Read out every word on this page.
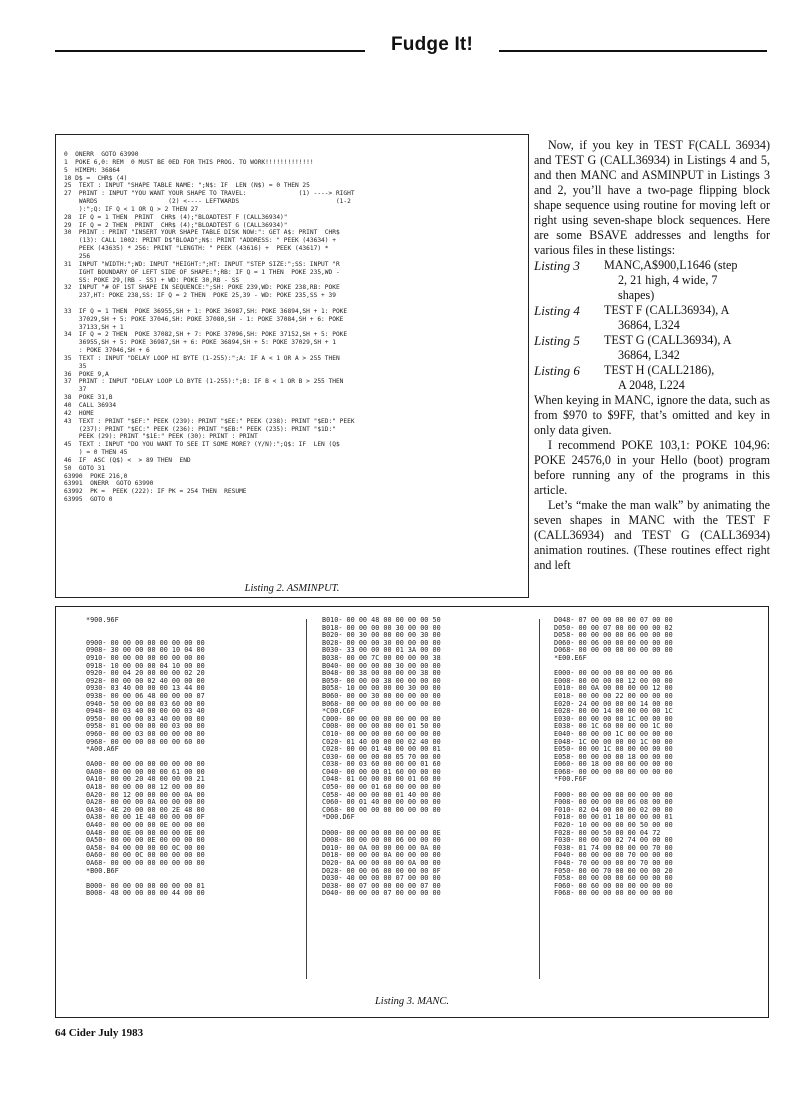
Fudge It!
0  ONERR  GOTO 63990
1  POKE 6,0: REM  0 MUST BE 0ED FOR THIS PROG. TO WORK!!!!!!!!!!!!!
5  HIMEM: 36864
10 D$ =  CHR$ (4)
25  TEXT : INPUT "SHAPE TABLE NAME: ";N$: IF  LEN (N$) = 0 THEN 25
27  PRINT : INPUT "YOU WANT YOUR SHAPE TO TRAVEL:              (1) ----> RIGHT
WARDS                   (2) <---- LEFTWARDS                          (1-2
):";Q: IF Q < 1 OR Q > 2 THEN 27
28  IF Q = 1 THEN  PRINT  CHR$ (4);"BLOADTEST F (CALL36934)"
29  IF Q = 2 THEN  PRINT  CHR$ (4);"BLOADTEST G (CALL36934)"
30  PRINT : PRINT "INSERT YOUR SHAPE TABLE DISK NOW:": GET A$: PRINT  CHR$
(13): CALL 1002: PRINT D$"BLOAD";N$: PRINT "ADDRESS: " PEEK (43634) +
PEEK (43635) * 256: PRINT "LENGTH: " PEEK (43616) +  PEEK (43617) *
256
31  INPUT "WIDTH:";WD: INPUT "HEIGHT:";HT: INPUT "STEP SIZE:";SS: INPUT "R
IGHT BOUNDARY OF LEFT SIDE OF SHAPE:";RB: IF Q = 1 THEN  POKE 235,WD -
SS: POKE 29,(RB - SS) + WD: POKE 30,RB - SS
32  INPUT "# OF 1ST SHAPE IN SEQUENCE:";SH: POKE 239,WD: POKE 238,RB: POKE
237,HT: POKE 238,SS: IF Q = 2 THEN  POKE 25,39 - WD: POKE 235,SS + 39

33  IF Q = 1 THEN  POKE 36955,SH + 1: POKE 36987,SH: POKE 36894,SH + 1: POKE
37029,SH + 5: POKE 37046,SH: POKE 37080,SH - 1: POKE 37084,SH + 6: POKE
37133,SH + 1
34  IF Q = 2 THEN  POKE 37082,SH + 7: POKE 37096,SH: POKE 37152,SH + 5: POKE
36955,SH + 5: POKE 36987,SH + 6: POKE 36894,SH + 5: POKE 37029,SH + 1
: POKE 37046,SH + 6
35  TEXT : INPUT "DELAY LOOP HI BYTE (1-255):";A: IF A < 1 OR A > 255 THEN
35
36  POKE 9,A
37  PRINT : INPUT "DELAY LOOP LO BYTE (1-255):";B: IF B < 1 OR B > 255 THEN
37
38  POKE 31,B
40  CALL 36934
42  HOME
43  TEXT : PRINT "$EF:" PEEK (239): PRINT "$EE:" PEEK (238): PRINT "$ED:" PEEK
(237): PRINT "$EC:" PEEK (236): PRINT "$EB:" PEEK (235): PRINT "$1D:"
PEEK (29): PRINT "$1E:" PEEK (30): PRINT : PRINT
45  TEXT : INPUT "DO YOU WANT TO SEE IT SOME MORE? (Y/N):";Q$: IF  LEN (Q$
) = 0 THEN 45
46  IF  ASC (Q$) <  > 89 THEN  END
50  GOTO 31
63990  POKE 216,0
63991  ONERR  GOTO 63990
63992  PK =  PEEK (222): IF PK = 254 THEN  RESUME
63995  GOTO 0
Listing 2. ASMINPUT.

Now, if you key in TEST F(CALL 36934) and TEST G (CALL36934) in Listings 4 and 5, and then MANC and ASMINPUT in Listings 3 and 2, you’ll have a two-page flipping block shape sequence using routine for moving left or right using seven-shape block sequences. Here are some BSAVE addresses and lengths for various files in these listings:

Listing 3	MANC,A$900,L1646 (step
2, 21 high, 4 wide, 7
shapes)
Listing 4	TEST F (CALL36934), A
36864, L324
Listing 5	TEST G (CALL36934), A
36864, L342
Listing 6	TEST H (CALL2186),
A 2048, L224

When keying in MANC, ignore the data, such as from $970 to $9FF, that’s omitted and key in only data given.

I recommend POKE 103,1: POKE 104,96: POKE 24576,0 in your Hello (boot) program before running any of the programs in this article.

Let’s “make the man walk” by animating the seven shapes in MANC with the TEST F (CALL36934) and TEST G (CALL36934) animation routines. (These routines effect right and left

*900.96F

0900- 00 00 00 00 00 00 00 00
0908- 30 00 00 00 00 10 04 00
0910- 00 00 00 00 00 00 00 00
0918- 10 00 00 00 04 10 00 00
0920- 00 04 20 00 00 00 02 20
0928- 00 00 00 02 40 00 00 00
0930- 03 40 00 00 00 13 44 00
0938- 00 00 06 48 00 00 00 07
0940- 50 00 00 00 03 60 00 00
0948- 00 03 40 00 00 00 03 40
0950- 00 00 00 03 40 00 00 00
0958- 01 00 00 00 00 03 00 00
0960- 00 00 03 00 00 00 00 00
0968- 00 00 00 00 00 00 60 00
*A00.A6F

0A00- 00 00 00 00 00 00 00 00
0A08- 00 00 00 00 00 61 00 00
0A10- 00 00 20 40 00 00 00 21
0A18- 00 00 00 00 12 00 00 00
0A20- 00 12 00 00 00 00 0A 00
0A28- 00 00 00 0A 00 00 00 00
0A30- 4E 20 00 00 00 2E 48 00
0A38- 00 00 1E 40 00 00 00 0F
0A40- 00 00 00 00 0E 00 00 00
0A48- 00 0E 00 00 00 00 0E 00
0A50- 00 00 00 0E 00 00 00 00
0A58- 04 00 00 00 00 0C 00 00
0A60- 00 00 0C 00 00 00 00 00
0A68- 00 00 00 00 00 00 00 00
*B00.B6F

B000- 00 00 00 00 00 00 00 01
B008- 48 00 00 00 00 44 00 00
B010- 00 00 48 00 00 00 00 50
B018- 00 00 00 00 30 00 00 00
B020- 00 30 00 00 00 00 30 00
B028- 00 00 00 30 00 00 00 00
B030- 33 00 00 00 01 3A 00 00
B038- 00 00 7C 00 00 00 00 38
B040- 00 00 00 00 30 00 00 00
B048- 00 38 00 00 00 00 38 00
B050- 00 00 00 38 00 00 00 00
B058- 10 00 00 00 00 30 00 00
B060- 00 00 30 00 00 00 00 00
B068- 00 00 00 00 00 00 00 00
*C00.C6F
C000- 00 00 00 00 00 00 00 00
C008- 00 00 00 00 00 01 50 00
C010- 00 00 00 00 60 00 00 00
C020- 01 40 00 00 00 02 40 00
C028- 00 00 01 40 00 00 00 01
C030- 60 00 00 00 05 70 00 00
C038- 00 03 60 00 00 00 01 60
C040- 00 00 00 01 60 00 00 00
C048- 01 60 00 00 00 01 60 00
C050- 00 00 01 60 00 00 00 00
C058- 40 00 00 00 01 40 00 00
C060- 00 01 40 00 00 00 00 00
C068- 00 00 00 00 00 00 00 00
*D00.D6F

D000- 00 00 00 00 00 00 00 0E
D008- 00 00 00 00 06 00 00 00
D010- 00 0A 00 00 00 00 0A 00
D018- 00 00 00 0A 00 00 00 00
D020- 0A 00 00 00 00 0A 00 00
D028- 00 00 06 00 00 00 00 0F
D030- 40 00 00 00 07 00 00 00
D038- 00 07 00 00 00 00 07 00
D040- 00 00 00 07 00 00 00 00
D048- 07 00 00 00 00 07 00 00
D050- 00 00 07 00 00 00 00 02
D058- 00 00 00 00 06 00 00 00
D060- 00 06 00 00 00 00 00 00
D068- 00 00 00 00 00 00 00 00
*E00.E6F

E000- 00 00 00 00 00 00 00 06
E008- 00 00 00 00 12 00 00 00
E010- 00 0A 00 00 00 00 12 00
E018- 00 00 00 22 00 00 00 00
E020- 24 00 00 00 00 14 00 00
E028- 00 00 14 00 00 00 00 1C
E030- 00 00 00 00 1C 00 00 00
E038- 00 1C 60 00 00 00 1C 00
E040- 00 00 00 1C 00 00 00 00
E048- 1C 00 00 00 00 1C 00 00
E050- 00 00 1C 00 00 00 00 00
E058- 00 00 00 00 18 00 00 00
E060- 00 18 00 00 00 00 00 00
E068- 00 00 00 00 00 00 00 00
*F00.F6F

F000- 00 00 00 00 00 00 00 00
F008- 00 00 00 00 06 08 00 00
F010- 02 04 00 00 00 02 00 00
F018- 00 00 01 10 00 00 00 01
F020- 10 00 00 00 00 50 00 00
F028- 00 00 50 00 00 04 72
F030- 00 00 00 02 74 00 00 00
F038- 01 74 00 00 00 00 70 00
F040- 00 00 00 00 70 00 00 00
F048- 70 00 00 00 00 70 00 00
F050- 00 00 70 00 00 00 00 20
F058- 00 00 00 00 60 00 00 00
F060- 00 60 00 00 00 00 00 00
F068- 00 00 00 00 00 00 00 00
Listing 3. MANC.
64 Cider July 1983
